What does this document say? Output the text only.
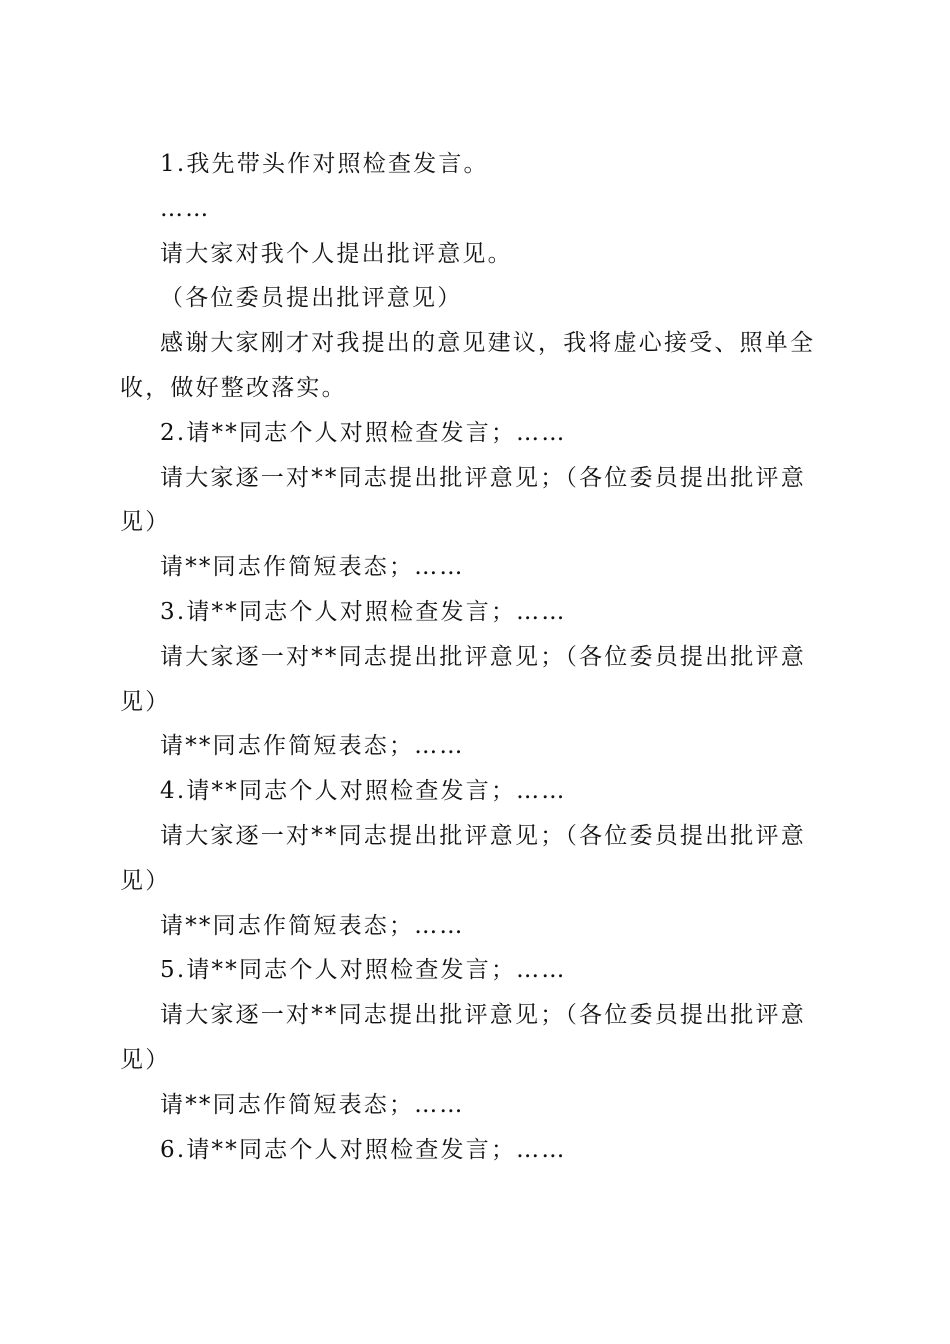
1.我先带头作对照检查发言。

……

请大家对我个人提出批评意见。

（各位委员提出批评意见）

感谢大家刚才对我提出的意见建议，我将虚心接受、照单全收，做好整改落实。

2.请**同志个人对照检查发言；……

请大家逐一对**同志提出批评意见；（各位委员提出批评意见）

请**同志作简短表态；……

3.请**同志个人对照检查发言；……

请大家逐一对**同志提出批评意见；（各位委员提出批评意见）

请**同志作简短表态；……

4.请**同志个人对照检查发言；……

请大家逐一对**同志提出批评意见；（各位委员提出批评意见）

请**同志作简短表态；……

5.请**同志个人对照检查发言；……

请大家逐一对**同志提出批评意见；（各位委员提出批评意见）

请**同志作简短表态；……

6.请**同志个人对照检查发言；……
